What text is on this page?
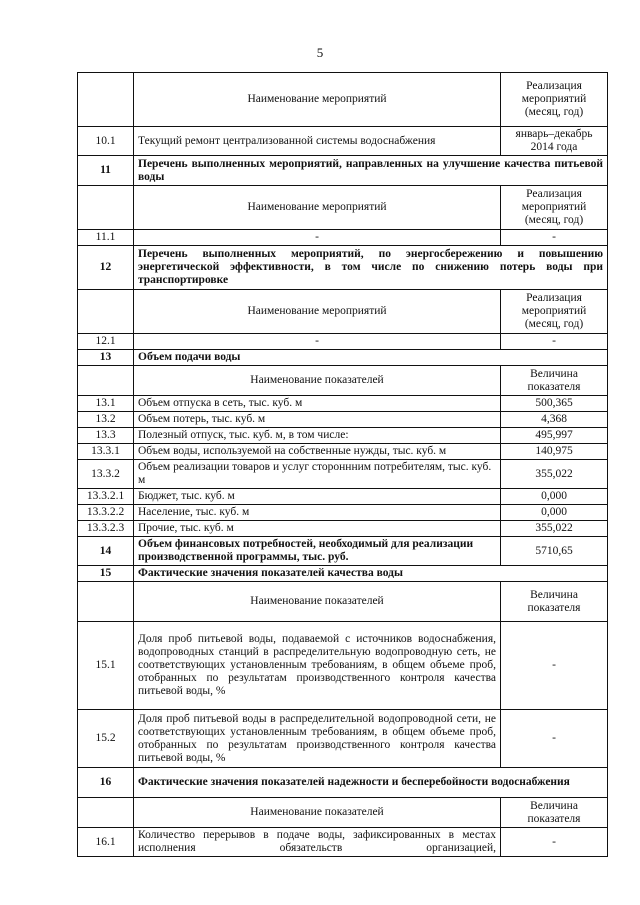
5
	Наименование мероприятий	Реализация мероприятий (месяц, год)
10.1	Текущий ремонт централизованной системы водоснабжения	январь–декабрь 2014 года
11	Перечень выполненных мероприятий, направленных на улучшение качества питьевой воды	
	Наименование мероприятий	Реализация мероприятий (месяц, год)
11.1	-	-
12	Перечень выполненных мероприятий, по энергосбережению и повышению энергетической эффективности, в том числе по снижению потерь воды при транспортировке	
	Наименование мероприятий	Реализация мероприятий (месяц, год)
12.1	-	-
13	Объем подачи воды	
	Наименование показателей	Величина показателя
13.1	Объем отпуска в сеть, тыс. куб. м	500,365
13.2	Объем потерь, тыс. куб. м	4,368
13.3	Полезный отпуск, тыс. куб. м, в том числе:	495,997
13.3.1	Объем воды, используемой на собственные нужды, тыс. куб. м	140,975
13.3.2	Объем реализации товаров и услуг стороннним потребителям, тыс. куб. м	355,022
13.3.2.1	Бюджет, тыс. куб. м	0,000
13.3.2.2	Население, тыс. куб. м	0,000
13.3.2.3	Прочие, тыс. куб. м	355,022
14	Объем финансовых потребностей, необходимый для реализации производственной программы, тыс. руб.	5710,65
15	Фактические значения показателей качества воды	
	Наименование показателей	Величина показателя
15.1	Доля проб питьевой воды, подаваемой с источников водоснабжения, водопроводных станций в распределительную водопроводную сеть, не соответствующих установленным требованиям, в общем объеме проб, отобранных по результатам производственного контроля качества питьевой воды, %	-
15.2	Доля проб питьевой воды в распределительной водопроводной сети, не соответствующих установленным требованиям, в общем объеме проб, отобранных по результатам производственного контроля качества питьевой воды, %	-
16	Фактические значения показателей надежности и бесперебойности водоснабжения	
	Наименование показателей	Величина показателя
16.1	Количество перерывов в подаче воды, зафиксированных в местах исполнения обязательств организацией,	-
